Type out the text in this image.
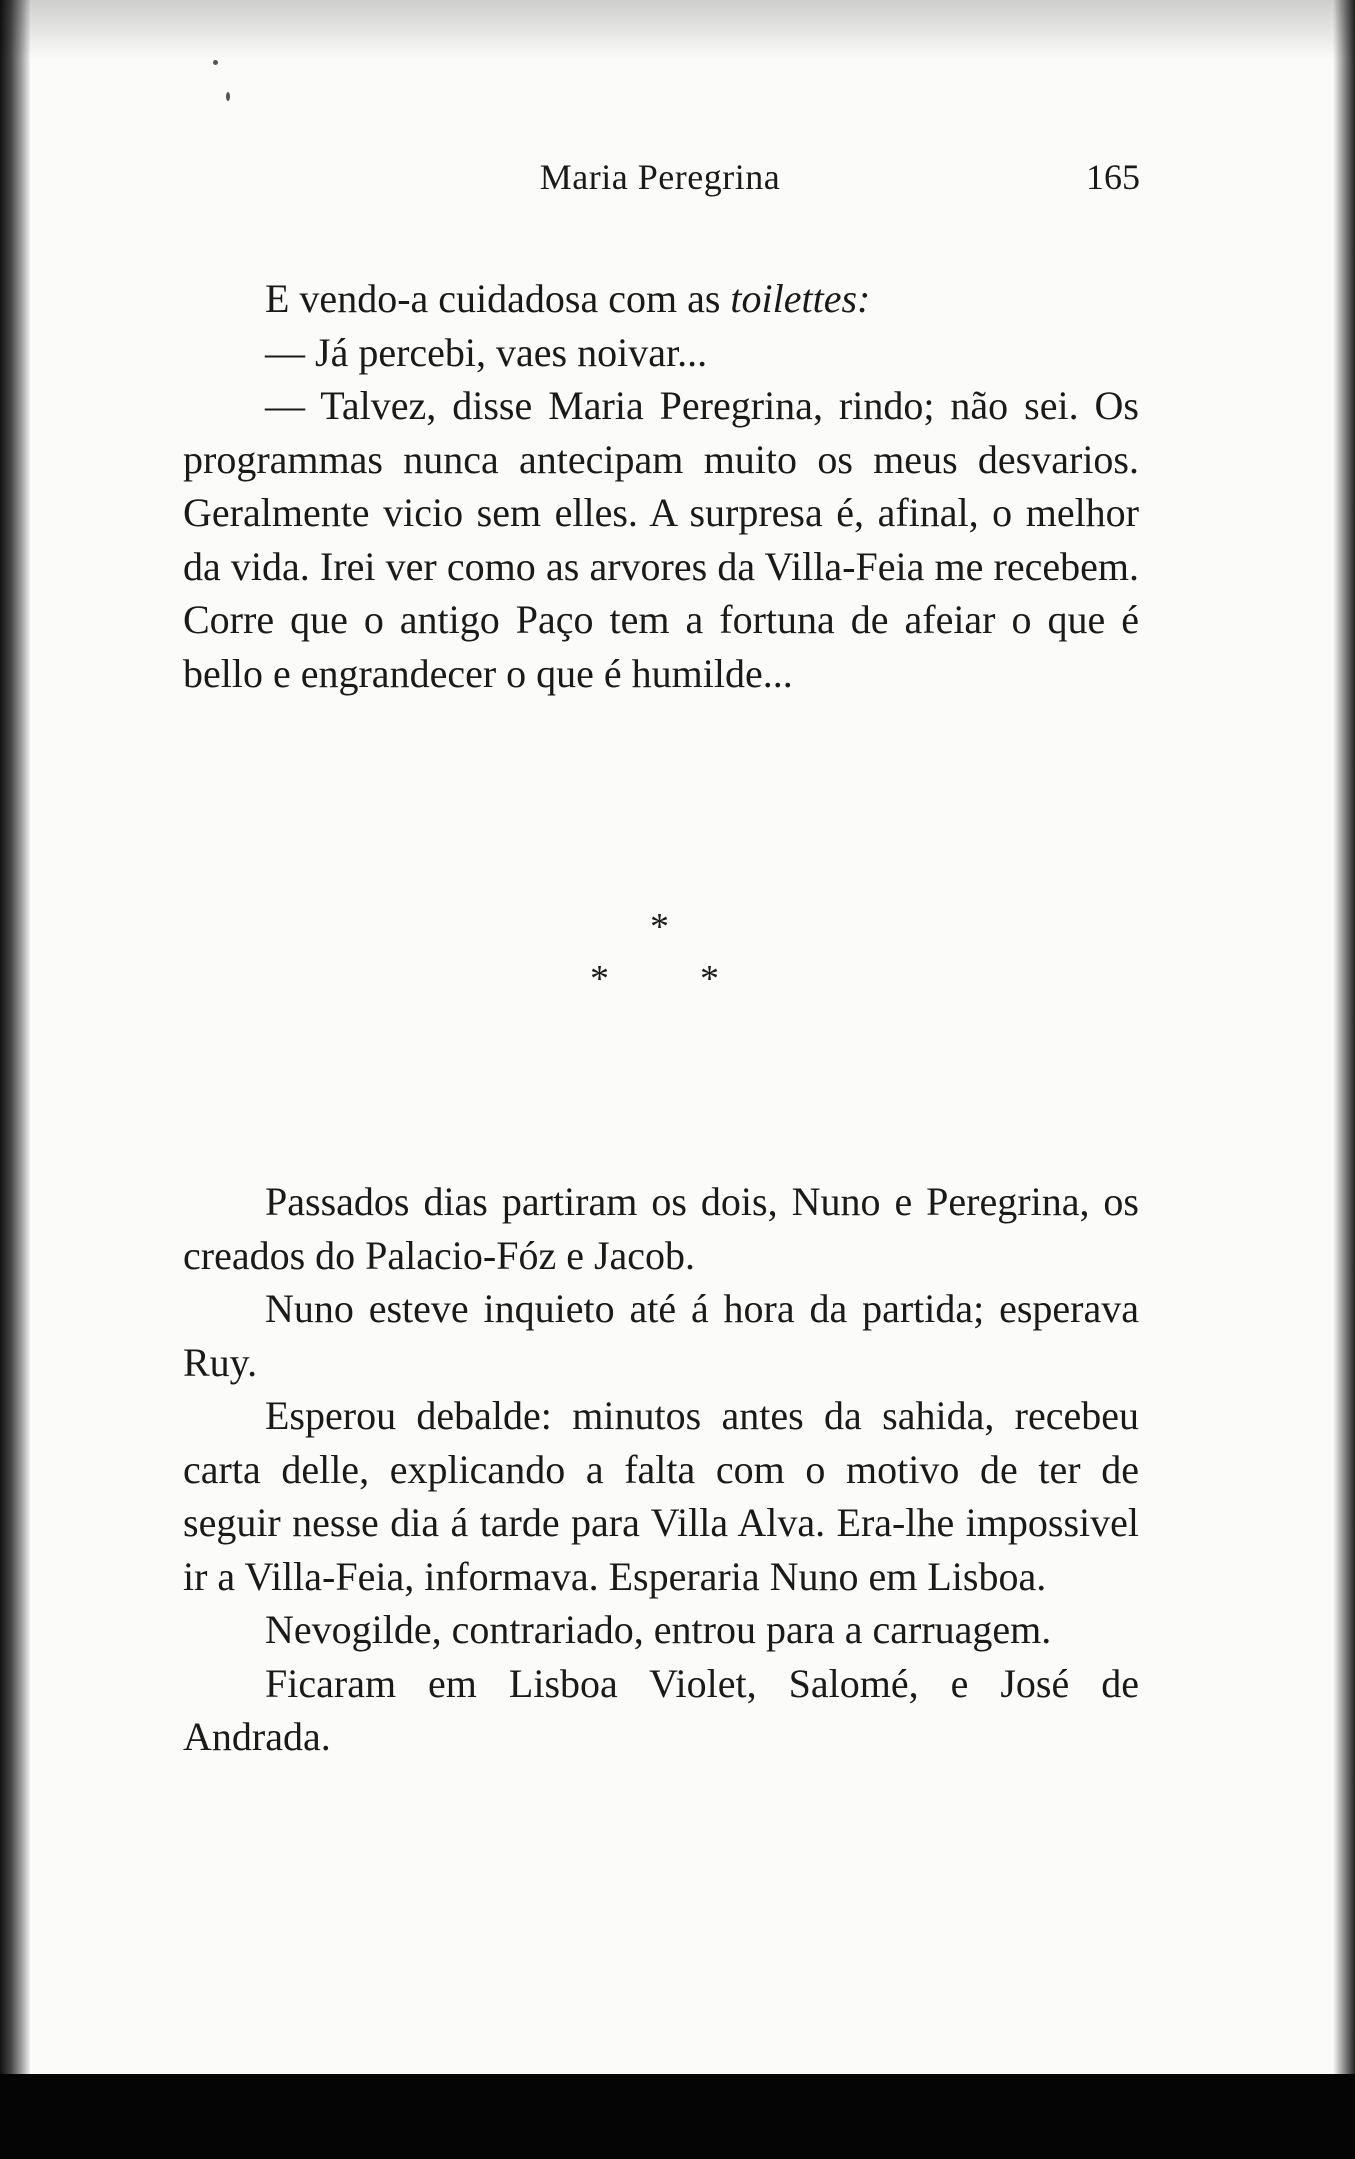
Maria Peregrina	165

E vendo-a cuidadosa com as toilettes:

— Já percebi, vaes noivar...

— Talvez, disse Maria Peregrina, rindo; não sei. Os programmas nunca antecipam muito os meus desvarios. Geralmente vicio sem elles. A surpresa é, afinal, o melhor da vida. Irei ver como as arvores da Villa-Feia me recebem. Corre que o antigo Paço tem a fortuna de afeiar o que é bello e engrandecer o que é humilde...

*
* *

Passados dias partiram os dois, Nuno e Peregrina, os creados do Palacio-Fóz e Jacob.

Nuno esteve inquieto até á hora da partida; esperava Ruy.

Esperou debalde: minutos antes da sahida, recebeu carta delle, explicando a falta com o motivo de ter de seguir nesse dia á tarde para Villa Alva. Era-lhe impossivel ir a Villa-Feia, informava. Esperaria Nuno em Lisboa.

Nevogilde, contrariado, entrou para a carruagem.

Ficaram em Lisboa Violet, Salomé, e José de Andrada.
